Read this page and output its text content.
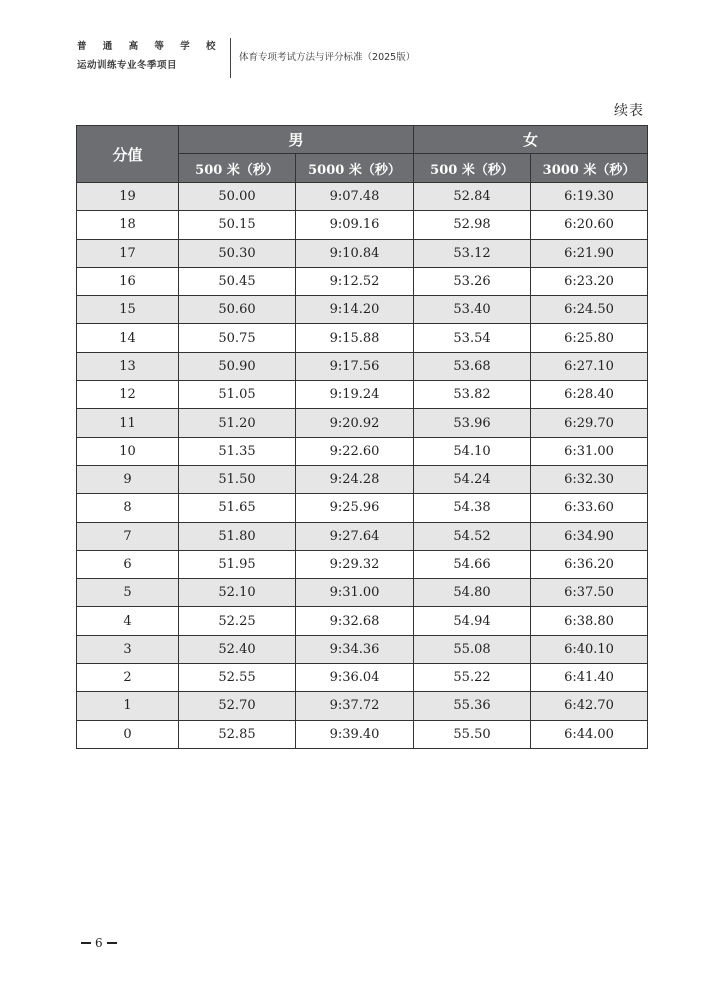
普 通 高 等 学 校
运动训练专业冬季项目
体育专项考试方法与评分标准（2025版）
续表
分值	男		女	
	500 米（秒）	5000 米（秒）	500 米（秒）	3000 米（秒）
19	50.00	9:07.48	52.84	6:19.30
18	50.15	9:09.16	52.98	6:20.60
17	50.30	9:10.84	53.12	6:21.90
16	50.45	9:12.52	53.26	6:23.20
15	50.60	9:14.20	53.40	6:24.50
14	50.75	9:15.88	53.54	6:25.80
13	50.90	9:17.56	53.68	6:27.10
12	51.05	9:19.24	53.82	6:28.40
11	51.20	9:20.92	53.96	6:29.70
10	51.35	9:22.60	54.10	6:31.00
9	51.50	9:24.28	54.24	6:32.30
8	51.65	9:25.96	54.38	6:33.60
7	51.80	9:27.64	54.52	6:34.90
6	51.95	9:29.32	54.66	6:36.20
5	52.10	9:31.00	54.80	6:37.50
4	52.25	9:32.68	54.94	6:38.80
3	52.40	9:34.36	55.08	6:40.10
2	52.55	9:36.04	55.22	6:41.40
1	52.70	9:37.72	55.36	6:42.70
0	52.85	9:39.40	55.50	6:44.00
6
